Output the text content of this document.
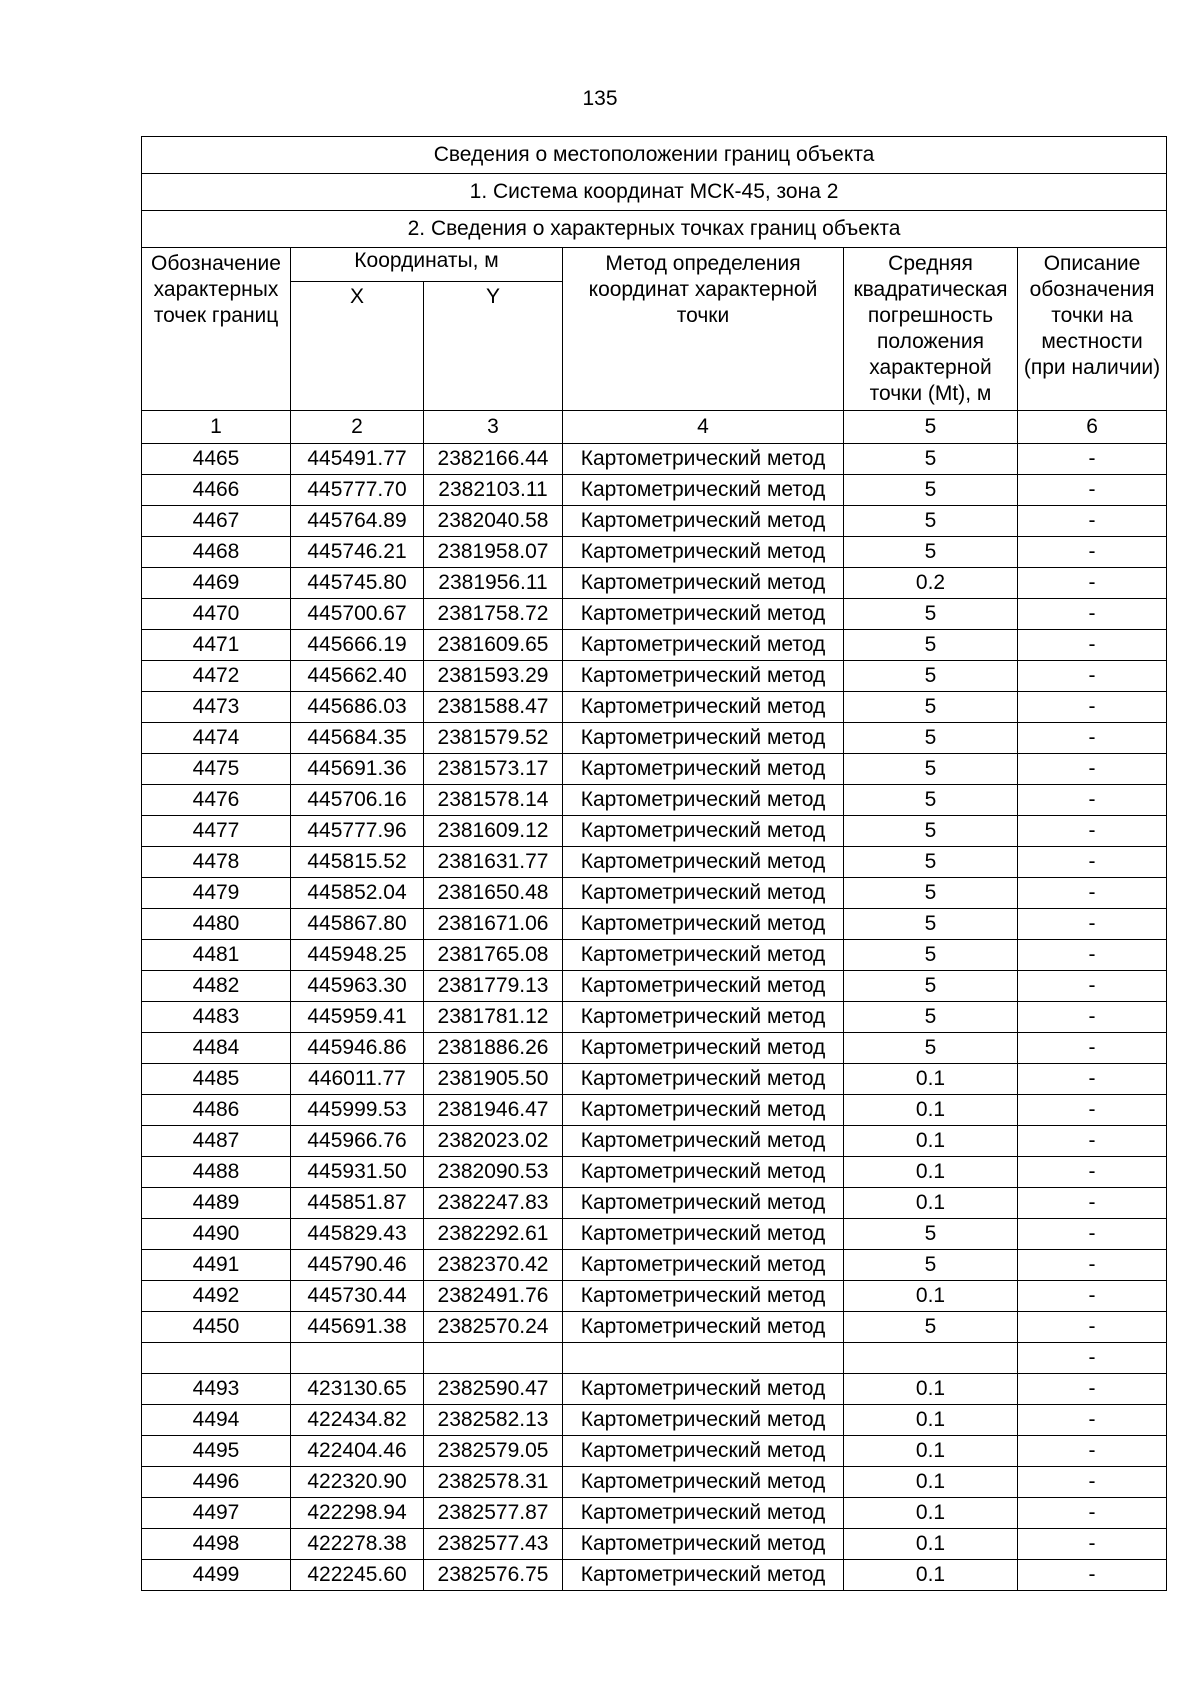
135
Сведения о местоположении границ объекта					
1. Система координат МСК-45, зона 2					
2. Сведения о характерных точках границ объекта					
Обозначение характерных точек границ	Координаты, м		Метод определения координат характерной точки	Средняя квадратическая погрешность положения характерной точки (Mt), м	Описание обозначения точки на местности (при наличии)
	X	Y			
1	2	3	4	5	6
4465	445491.77	2382166.44	Картометрический метод	5	-
4466	445777.70	2382103.11	Картометрический метод	5	-
4467	445764.89	2382040.58	Картометрический метод	5	-
4468	445746.21	2381958.07	Картометрический метод	5	-
4469	445745.80	2381956.11	Картометрический метод	0.2	-
4470	445700.67	2381758.72	Картометрический метод	5	-
4471	445666.19	2381609.65	Картометрический метод	5	-
4472	445662.40	2381593.29	Картометрический метод	5	-
4473	445686.03	2381588.47	Картометрический метод	5	-
4474	445684.35	2381579.52	Картометрический метод	5	-
4475	445691.36	2381573.17	Картометрический метод	5	-
4476	445706.16	2381578.14	Картометрический метод	5	-
4477	445777.96	2381609.12	Картометрический метод	5	-
4478	445815.52	2381631.77	Картометрический метод	5	-
4479	445852.04	2381650.48	Картометрический метод	5	-
4480	445867.80	2381671.06	Картометрический метод	5	-
4481	445948.25	2381765.08	Картометрический метод	5	-
4482	445963.30	2381779.13	Картометрический метод	5	-
4483	445959.41	2381781.12	Картометрический метод	5	-
4484	445946.86	2381886.26	Картометрический метод	5	-
4485	446011.77	2381905.50	Картометрический метод	0.1	-
4486	445999.53	2381946.47	Картометрический метод	0.1	-
4487	445966.76	2382023.02	Картометрический метод	0.1	-
4488	445931.50	2382090.53	Картометрический метод	0.1	-
4489	445851.87	2382247.83	Картометрический метод	0.1	-
4490	445829.43	2382292.61	Картометрический метод	5	-
4491	445790.46	2382370.42	Картометрический метод	5	-
4492	445730.44	2382491.76	Картометрический метод	0.1	-
4450	445691.38	2382570.24	Картометрический метод	5	-
					-
4493	423130.65	2382590.47	Картометрический метод	0.1	-
4494	422434.82	2382582.13	Картометрический метод	0.1	-
4495	422404.46	2382579.05	Картометрический метод	0.1	-
4496	422320.90	2382578.31	Картометрический метод	0.1	-
4497	422298.94	2382577.87	Картометрический метод	0.1	-
4498	422278.38	2382577.43	Картометрический метод	0.1	-
4499	422245.60	2382576.75	Картометрический метод	0.1	-
